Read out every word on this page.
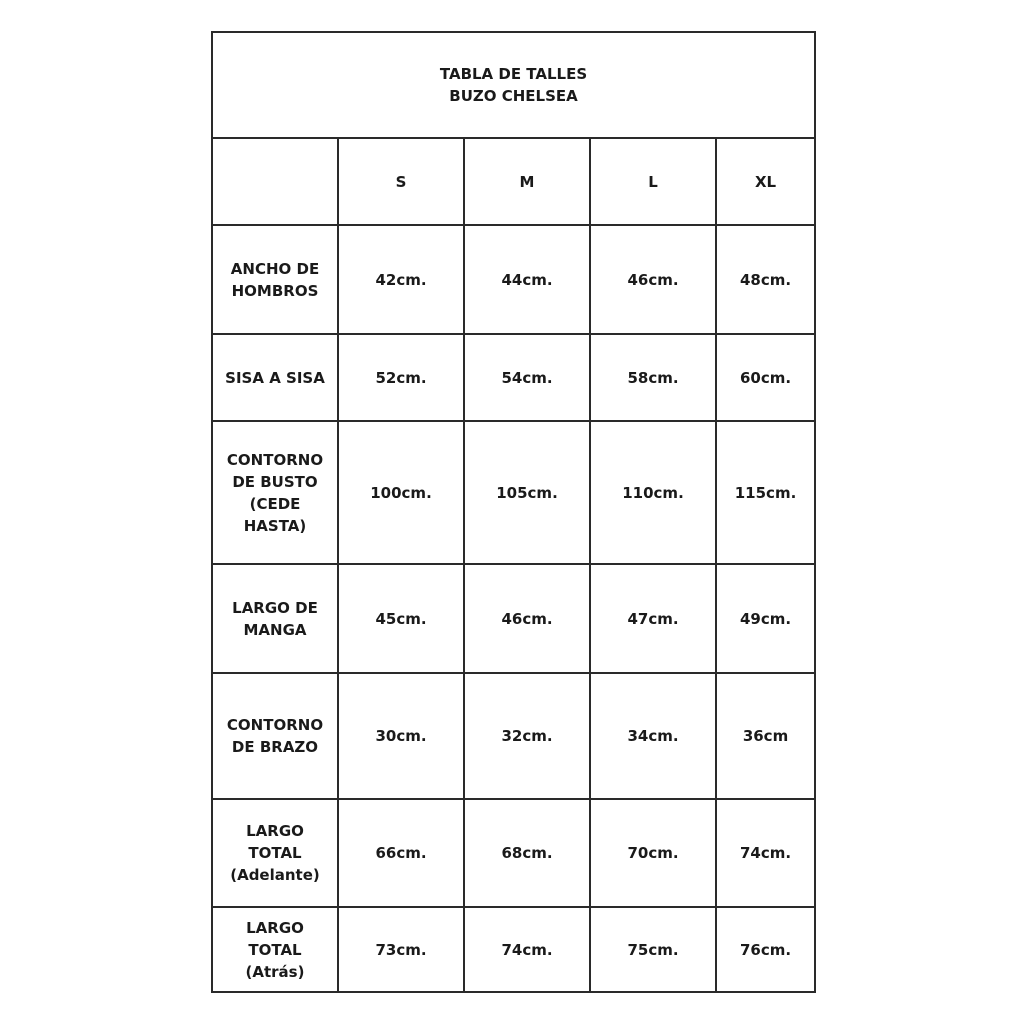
TABLA DE TALLES
BUZO CHELSEA				

	S	M	L	XL

ANCHO DE
HOMBROS	42cm.	44cm.	46cm.	48cm.

SISA A SISA	52cm.	54cm.	58cm.	60cm.

CONTORNO
DE BUSTO
(CEDE
HASTA)	100cm.	105cm.	110cm.	115cm.

LARGO DE
MANGA	45cm.	46cm.	47cm.	49cm.

CONTORNO
DE BRAZO	30cm.	32cm.	34cm.	36cm

LARGO
TOTAL
(Adelante)	66cm.	68cm.	70cm.	74cm.

LARGO
TOTAL
(Atrás)	73cm.	74cm.	75cm.	76cm.
